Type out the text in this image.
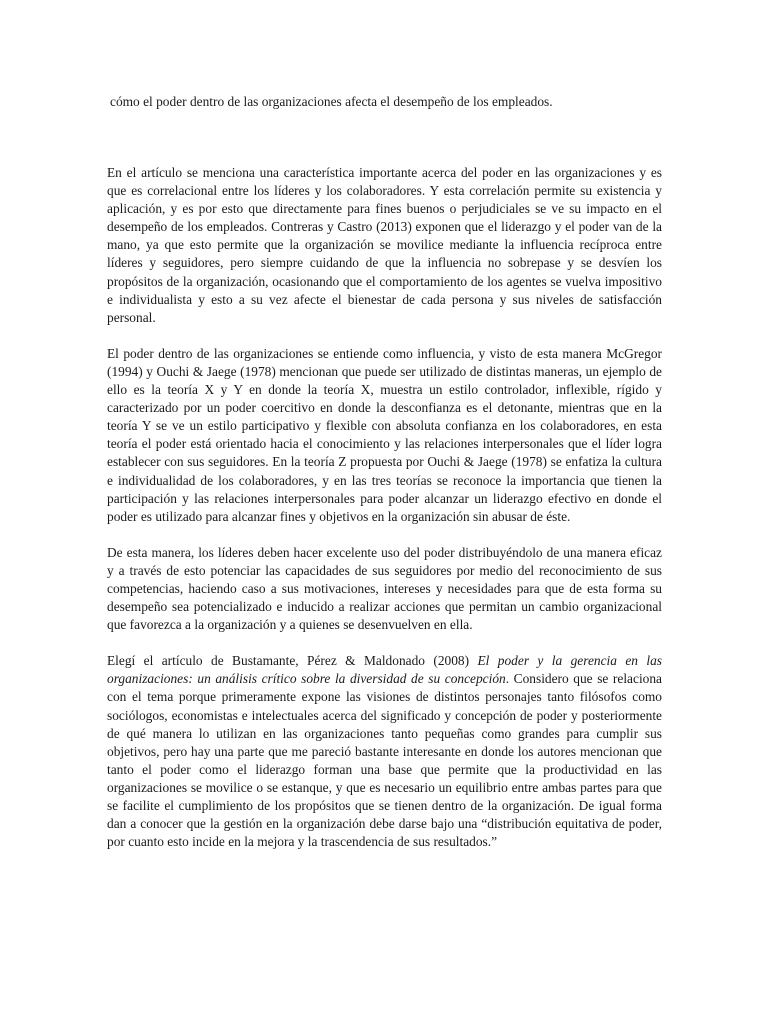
cómo el poder dentro de las organizaciones afecta el desempeño de los empleados.

En el artículo se menciona una característica importante acerca del poder en las organizaciones y es que es correlacional entre los líderes y los colaboradores. Y esta correlación permite su existencia y aplicación, y es por esto que directamente para fines buenos o perjudiciales se ve su impacto en el desempeño de los empleados. Contreras y Castro (2013) exponen que el liderazgo y el poder van de la mano, ya que esto permite que la organización se movilice mediante la influencia recíproca entre líderes y seguidores, pero siempre cuidando de que la influencia no sobrepase y se desvíen los propósitos de la organización, ocasionando que el comportamiento de los agentes se vuelva impositivo e individualista y esto a su vez afecte el bienestar de cada persona y sus niveles de satisfacción personal.

El poder dentro de las organizaciones se entiende como influencia, y visto de esta manera McGregor (1994) y Ouchi & Jaege (1978) mencionan que puede ser utilizado de distintas maneras, un ejemplo de ello es la teoría X y Y en donde la teoría X, muestra un estilo controlador, inflexible, rígido y caracterizado por un poder coercitivo en donde la desconfianza es el detonante, mientras que en la teoría Y se ve un estilo participativo y flexible con absoluta confianza en los colaboradores, en esta teoría el poder está orientado hacia el conocimiento y las relaciones interpersonales que el líder logra establecer con sus seguidores. En la teoría Z propuesta por Ouchi & Jaege (1978) se enfatiza la cultura e individualidad de los colaboradores, y en las tres teorías se reconoce la importancia que tienen la participación y las relaciones interpersonales para poder alcanzar un liderazgo efectivo en donde el poder es utilizado para alcanzar fines y objetivos en la organización sin abusar de éste.

De esta manera, los líderes deben hacer excelente uso del poder distribuyéndolo de una manera eficaz y a través de esto potenciar las capacidades de sus seguidores por medio del reconocimiento de sus competencias, haciendo caso a sus motivaciones, intereses y necesidades para que de esta forma su desempeño sea potencializado e inducido a realizar acciones que permitan un cambio organizacional que favorezca a la organización y a quienes se desenvuelven en ella.

Elegí el artículo de Bustamante, Pérez & Maldonado (2008) El poder y la gerencia en las organizaciones: un análisis crítico sobre la diversidad de su concepción. Considero que se relaciona con el tema porque primeramente expone las visiones de distintos personajes tanto filósofos como sociólogos, economistas e intelectuales acerca del significado y concepción de poder y posteriormente de qué manera lo utilizan en las organizaciones tanto pequeñas como grandes para cumplir sus objetivos, pero hay una parte que me pareció bastante interesante en donde los autores mencionan que tanto el poder como el liderazgo forman una base que permite que la productividad en las organizaciones se movilice o se estanque, y que es necesario un equilibrio entre ambas partes para que se facilite el cumplimiento de los propósitos que se tienen dentro de la organización. De igual forma dan a conocer que la gestión en la organización debe darse bajo una “distribución equitativa de poder, por cuanto esto incide en la mejora y la trascendencia de sus resultados.”
